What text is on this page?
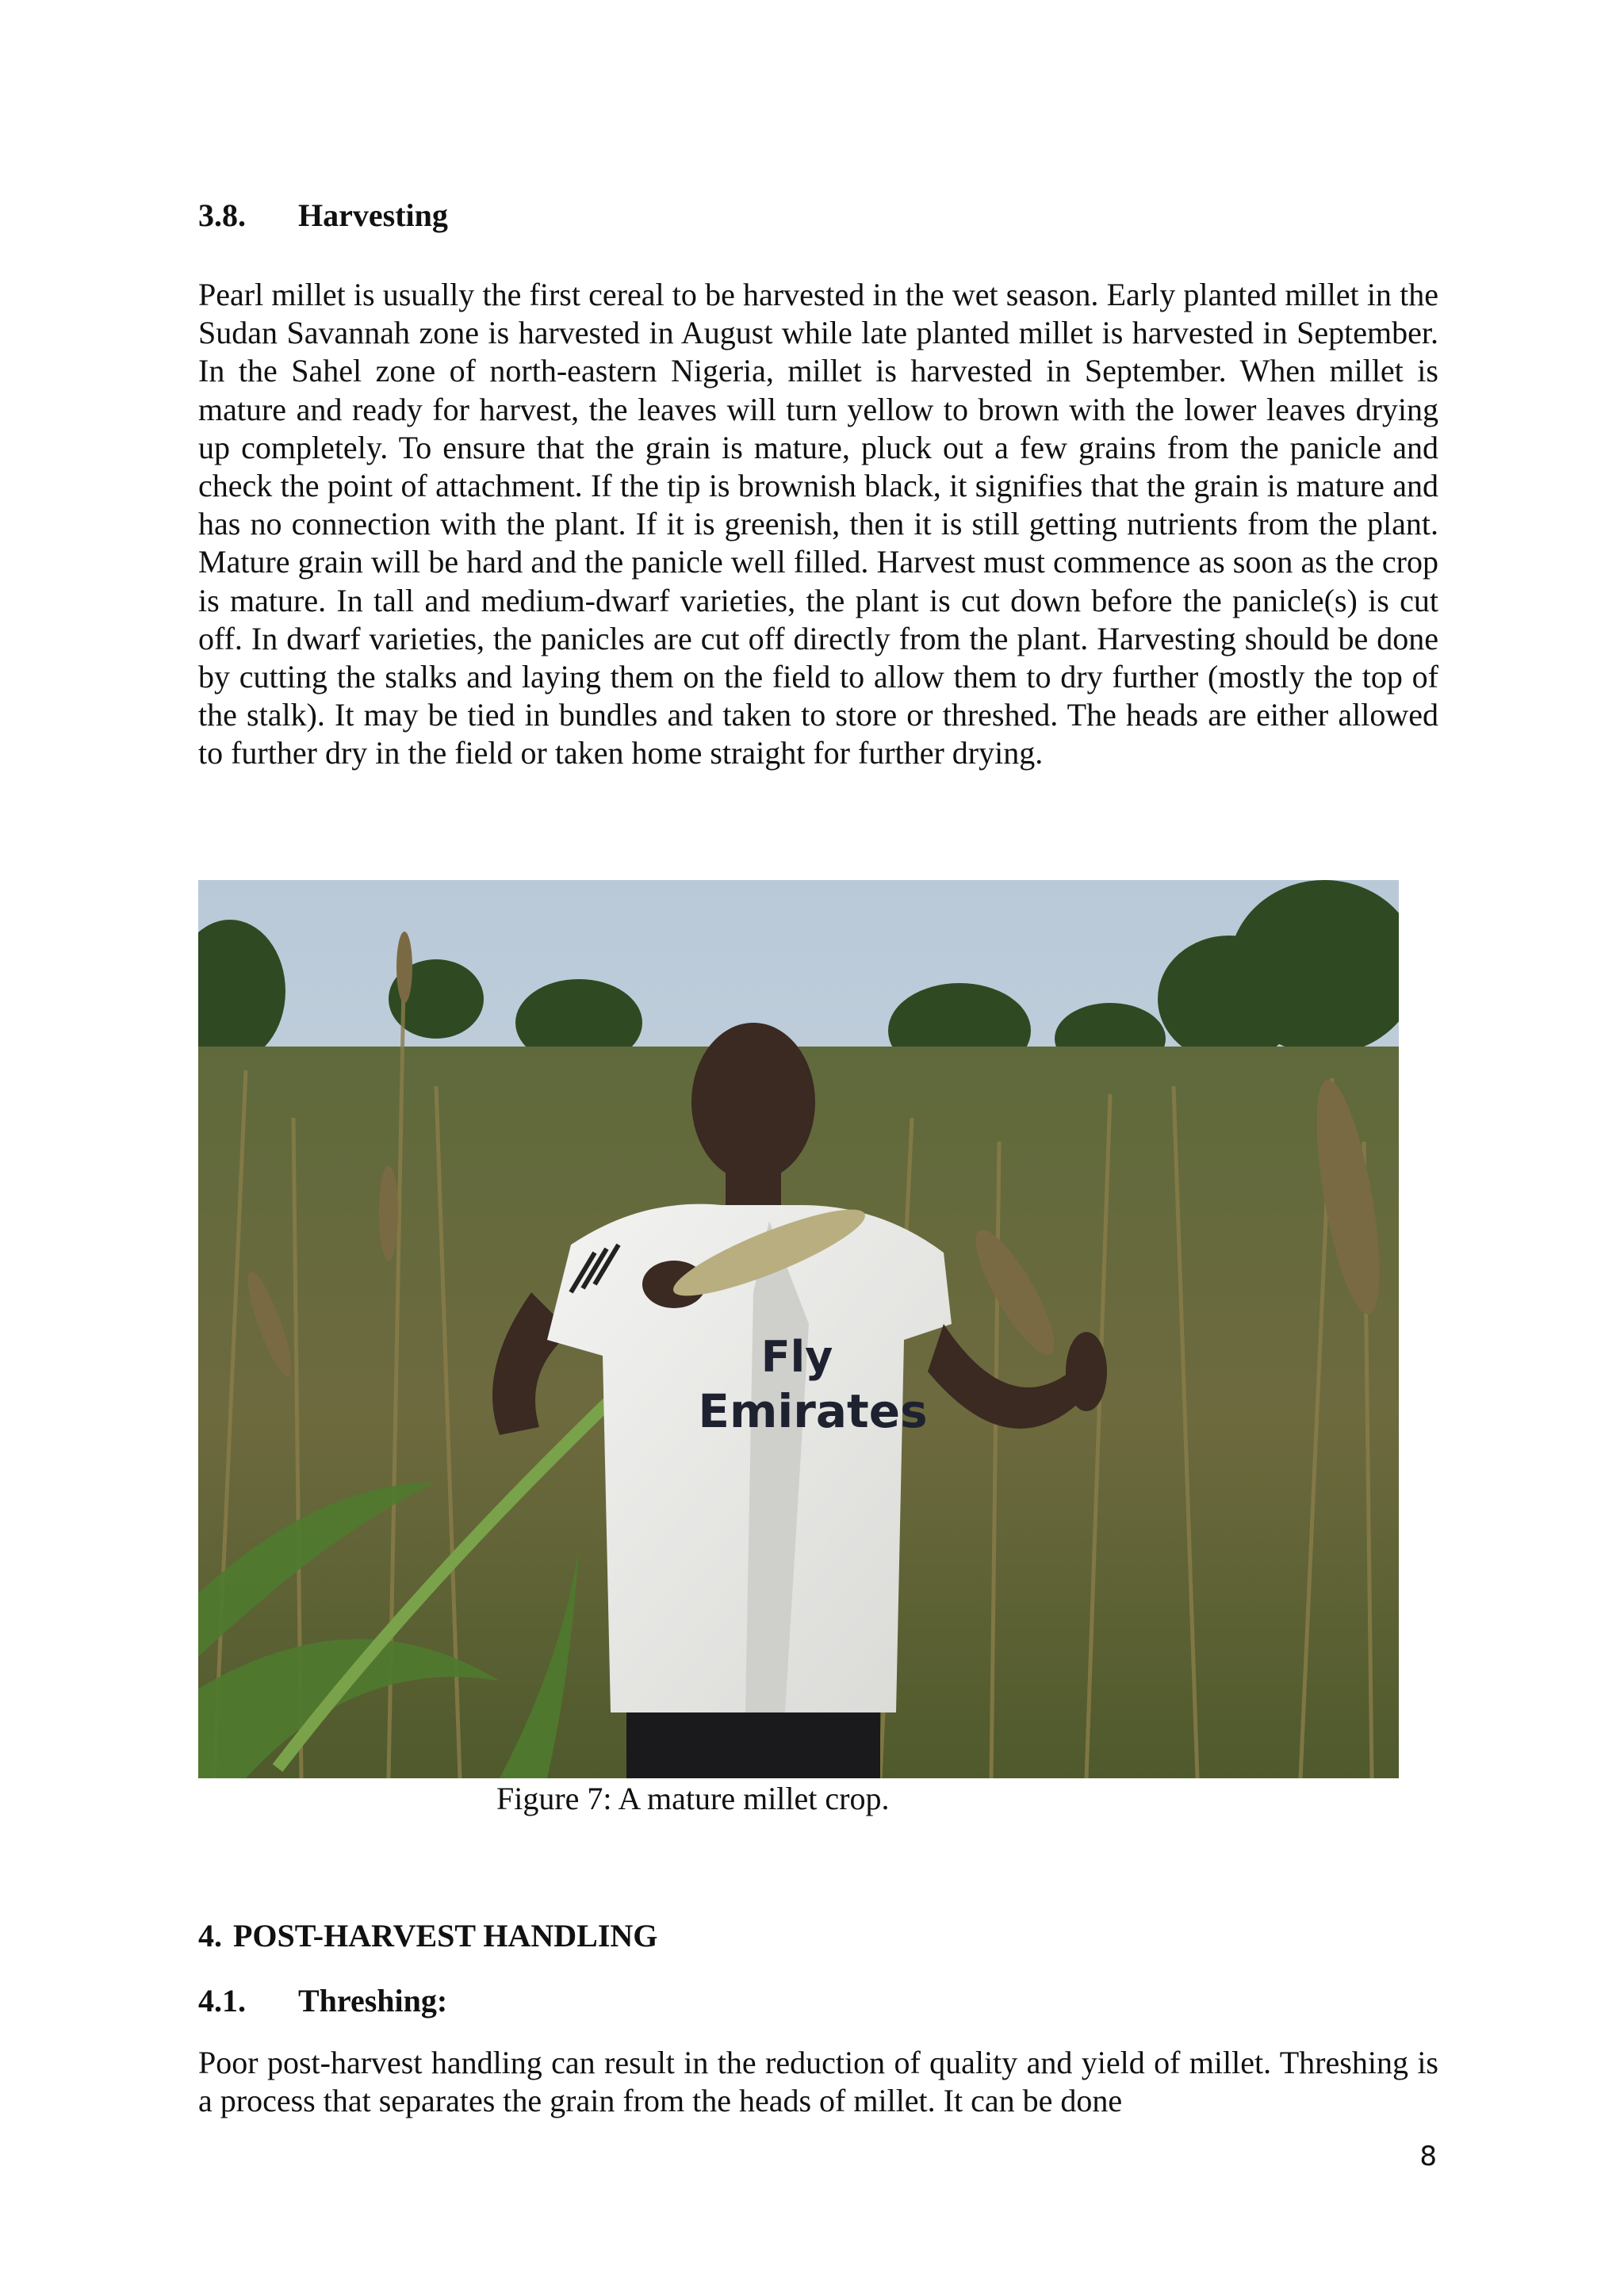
3.8. Harvesting

Pearl millet is usually the first cereal to be harvested in the wet season. Early planted millet in the Sudan Savannah zone is harvested in August while late planted millet is harvested in September. In the Sahel zone of north-eastern Nigeria, millet is harvested in September. When millet is mature and ready for harvest, the leaves will turn yellow to brown with the lower leaves drying up completely. To ensure that the grain is mature, pluck out a few grains from the panicle and check the point of attachment. If the tip is brownish black, it signifies that the grain is mature and has no connection with the plant. If it is greenish, then it is still getting nutrients from the plant. Mature grain will be hard and the panicle well filled. Harvest must commence as soon as the crop is mature. In tall and medium-dwarf varieties, the plant is cut down before the panicle(s) is cut off. In dwarf varieties, the panicles are cut off directly from the plant. Harvesting should be done by cutting the stalks and laying them on the field to allow them to dry further (mostly the top of the stalk). It may be tied in bundles and taken to store or threshed. The heads are either allowed to further dry in the field or taken home straight for further drying.

Fly
Emirates
Figure 7: A mature millet crop.
4. POST-HARVEST HANDLING
4.1. Threshing:

Poor post-harvest handling can result in the reduction of quality and yield of millet. Threshing is a process that separates the grain from the heads of millet. It can be done

8
